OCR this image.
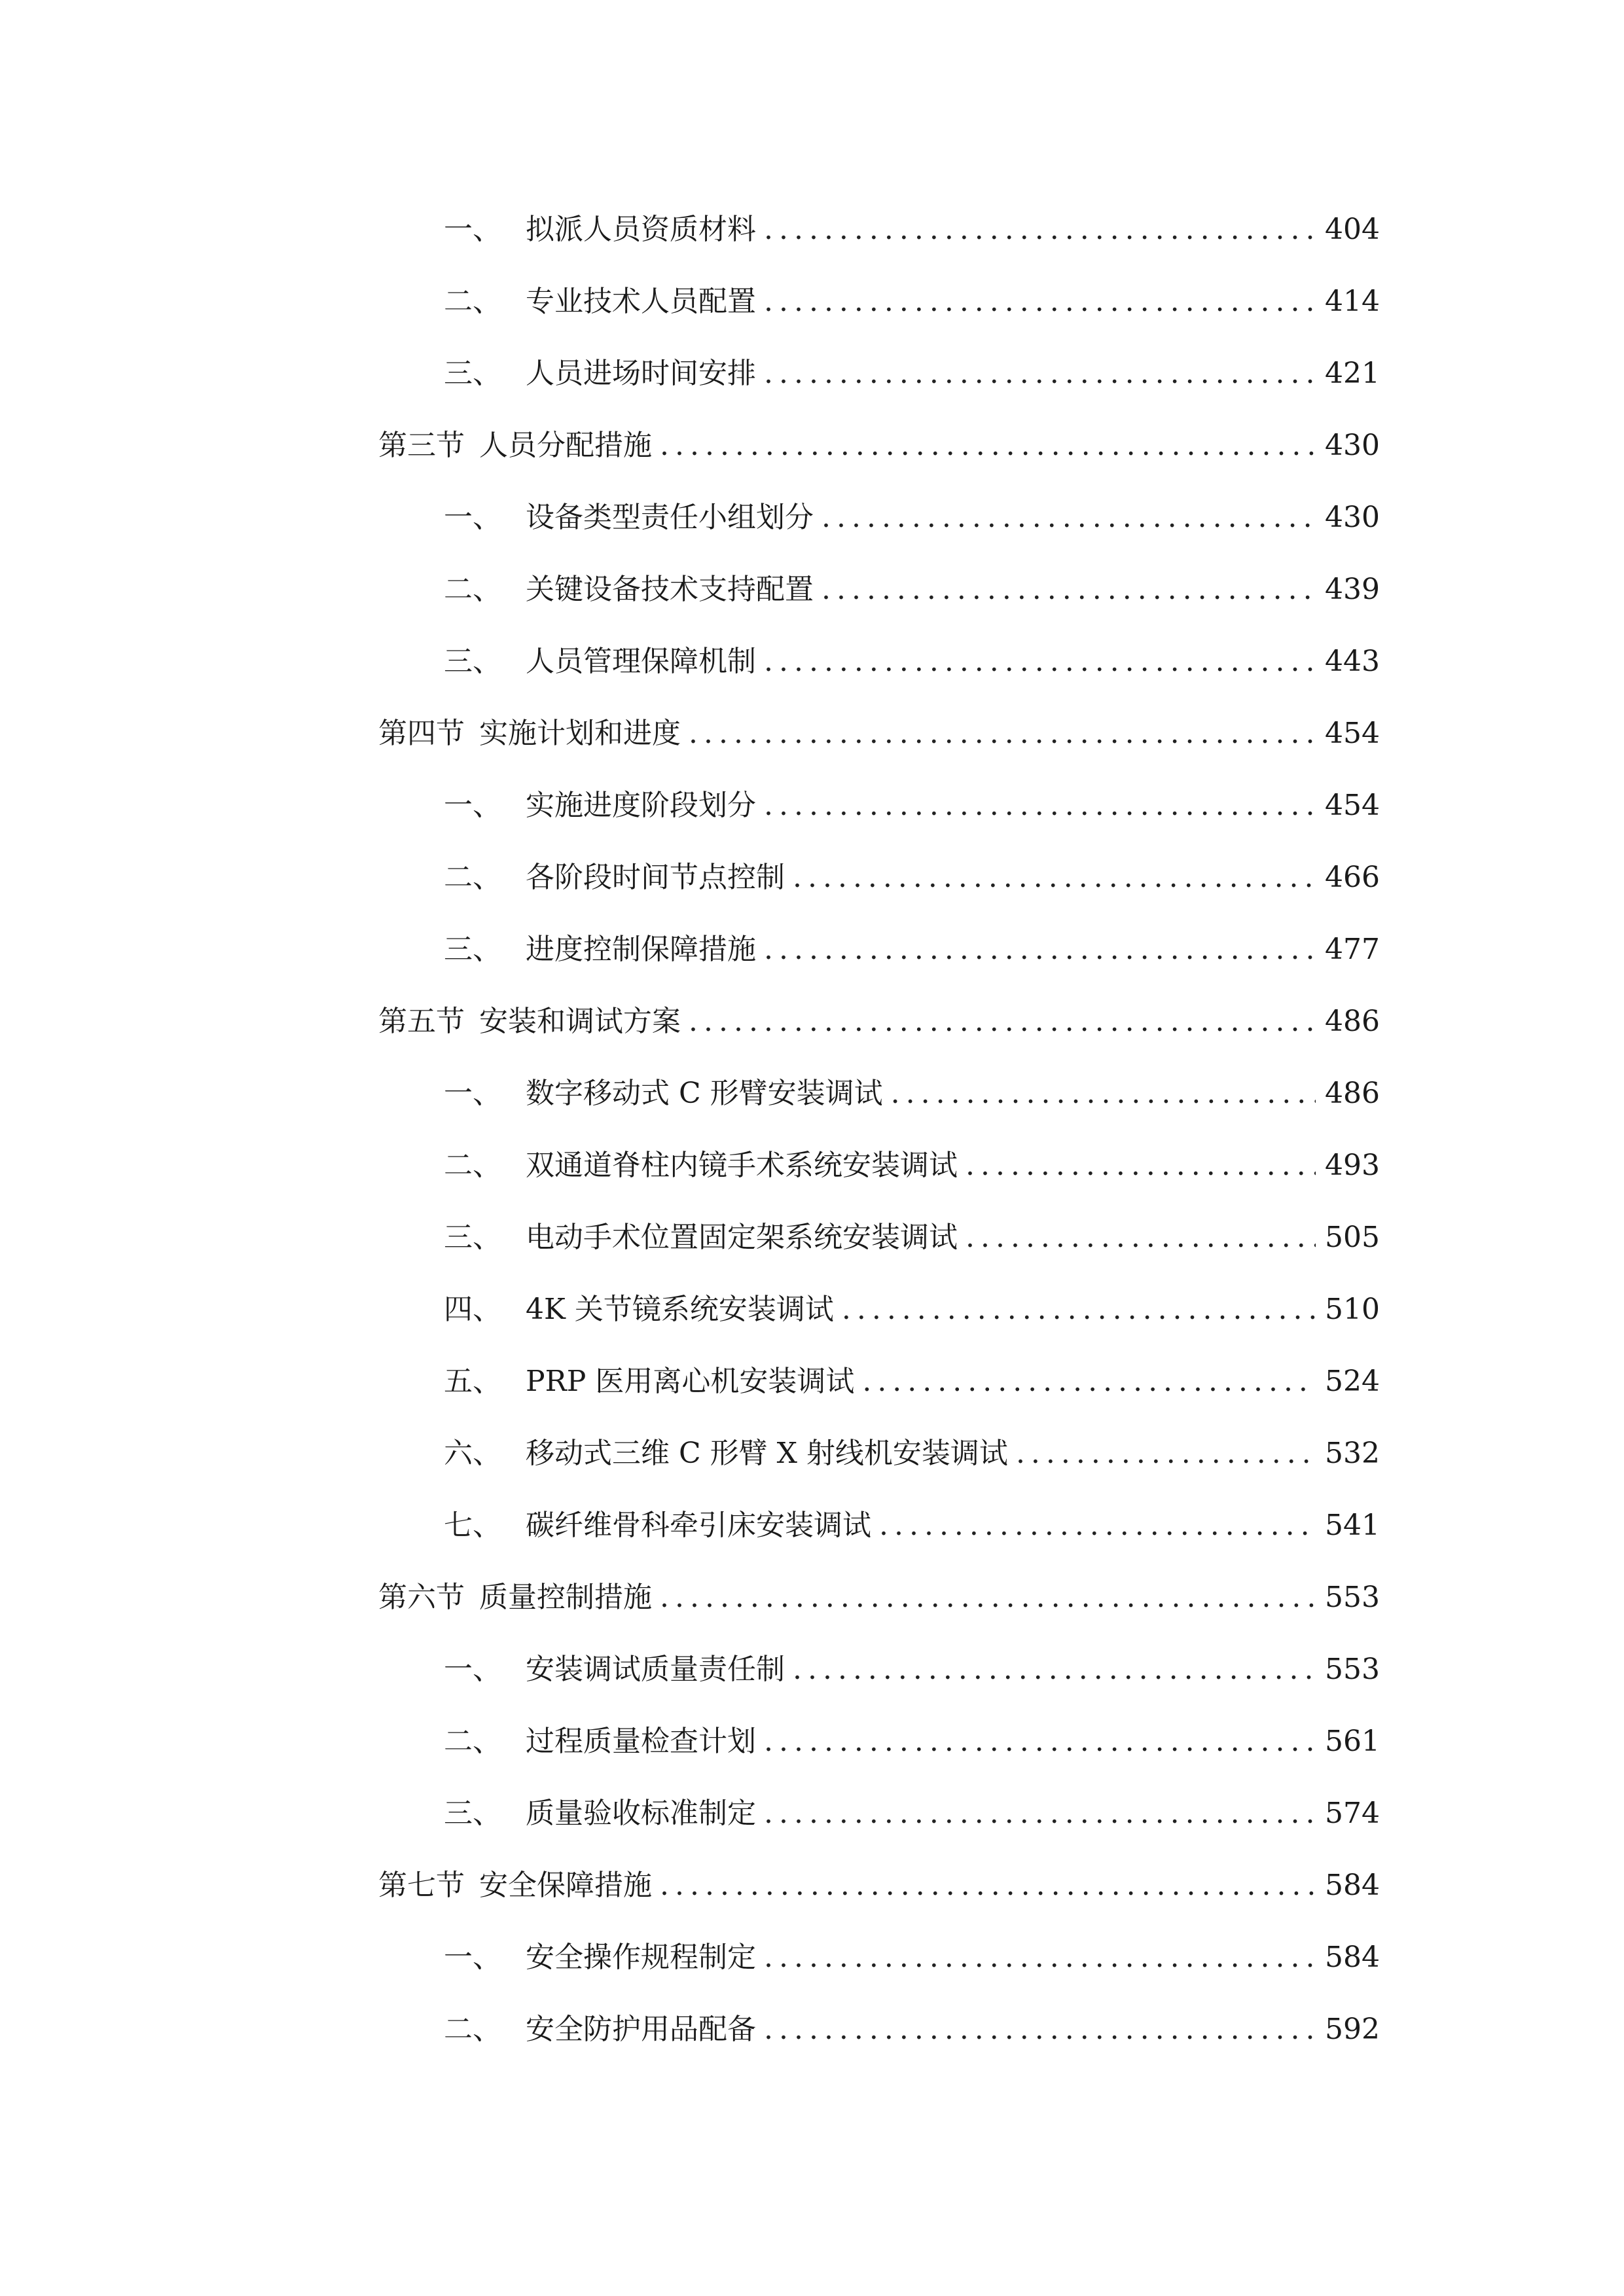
一、 拟派人员资质材料 .....	404
二、 专业技术人员配置 .....	414
三、 人员进场时间安排 .....	421
第三节 人员分配措施 .....	430
一、 设备类型责任小组划分 .....	430
二、 关键设备技术支持配置 .....	439
三、 人员管理保障机制 .....	443
第四节 实施计划和进度 .....	454
一、 实施进度阶段划分 .....	454
二、 各阶段时间节点控制 .....	466
三、 进度控制保障措施 .....	477
第五节 安装和调试方案 .....	486
一、 数字移动式 C 形臂安装调试 .....	486
二、 双通道脊柱内镜手术系统安装调试 .....	493
三、 电动手术位置固定架系统安装调试 .....	505
四、 4K 关节镜系统安装调试 .....	510
五、 PRP 医用离心机安装调试 .....	524
六、 移动式三维 C 形臂 X 射线机安装调试 .....	532
七、 碳纤维骨科牵引床安装调试 .....	541
第六节 质量控制措施 .....	553
一、 安装调试质量责任制 .....	553
二、 过程质量检查计划 .....	561
三、 质量验收标准制定 .....	574
第七节 安全保障措施 .....	584
一、 安全操作规程制定 .....	584
二、 安全防护用品配备 .....	592
